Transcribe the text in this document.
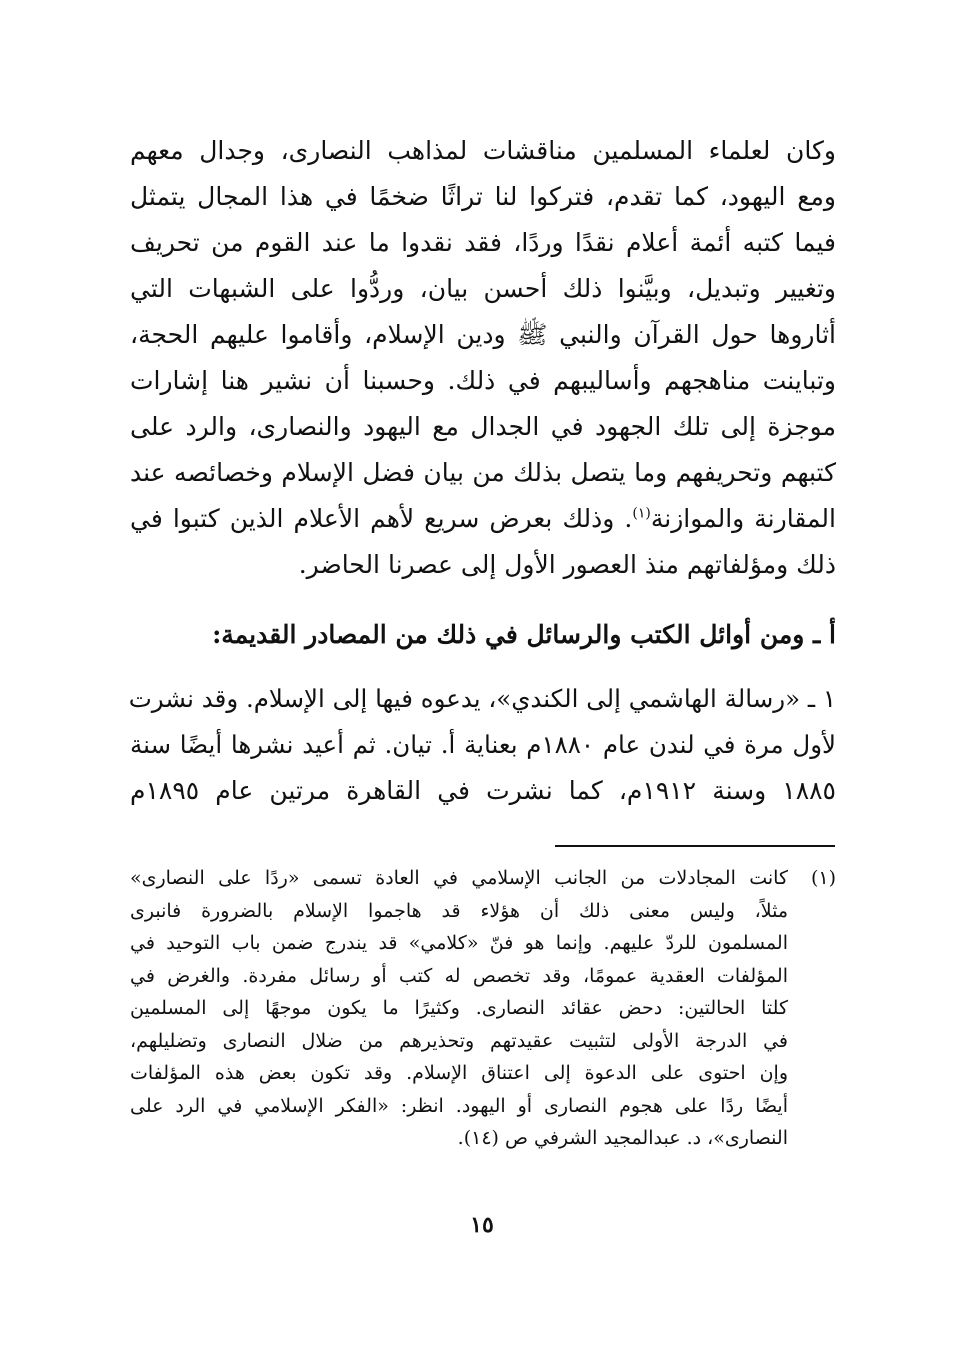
وكان لعلماء المسلمين مناقشات لمذاهب النصارى، وجدال معهم
ومع اليهود، كما تقدم، فتركوا لنا تراثًا ضخمًا في هذا المجال يتمثل
فيما كتبه أئمة أعلام نقدًا وردًا، فقد نقدوا ما عند القوم من تحريف
وتغيير وتبديل، وبيَّنوا ذلك أحسن بيان، وردُّوا على الشبهات التي
أثاروها حول القرآن والنبي ﷺ ودين الإسلام، وأقاموا عليهم الحجة،
وتباينت مناهجهم وأساليبهم في ذلك. وحسبنا أن نشير هنا إشارات
موجزة إلى تلك الجهود في الجدال مع اليهود والنصارى، والرد على
كتبهم وتحريفهم وما يتصل بذلك من بيان فضل الإسلام وخصائصه عند
المقارنة والموازنة$^{(١)}$. وذلك بعرض سريع لأهم الأعلام الذين كتبوا في
ذلك ومؤلفاتهم منذ العصور الأول إلى عصرنا الحاضر.
أ ـ ومن أوائل الكتب والرسائل في ذلك من المصادر القديمة:
١ ـ «رسالة الهاشمي إلى الكندي»، يدعوه فيها إلى الإسلام. وقد نشرت
لأول مرة في لندن عام ١٨٨٠م بعناية أ. تيان. ثم أعيد نشرها أيضًا سنة
١٨٨٥ وسنة ١٩١٢م، كما نشرت في القاهرة مرتين عام ١٨٩٥م
(١)
كانت المجادلات من الجانب الإسلامي في العادة تسمى «ردًا على النصارى»
مثلاً، وليس معنى ذلك أن هؤلاء قد هاجموا الإسلام بالضرورة فانبرى
المسلمون للردّ عليهم. وإنما هو فنّ «كلامي» قد يندرج ضمن باب التوحيد في
المؤلفات العقدية عمومًا، وقد تخصص له كتب أو رسائل مفردة. والغرض في
كلتا الحالتين: دحض عقائد النصارى. وكثيرًا ما يكون موجهًا إلى المسلمين
في الدرجة الأولى لتثبيت عقيدتهم وتحذيرهم من ضلال النصارى وتضليلهم،
وإن احتوى على الدعوة إلى اعتناق الإسلام. وقد تكون بعض هذه المؤلفات
أيضًا ردًا على هجوم النصارى أو اليهود. انظر: «الفكر الإسلامي في الرد على
النصارى»، د. عبدالمجيد الشرفي ص (١٤).
١٥
